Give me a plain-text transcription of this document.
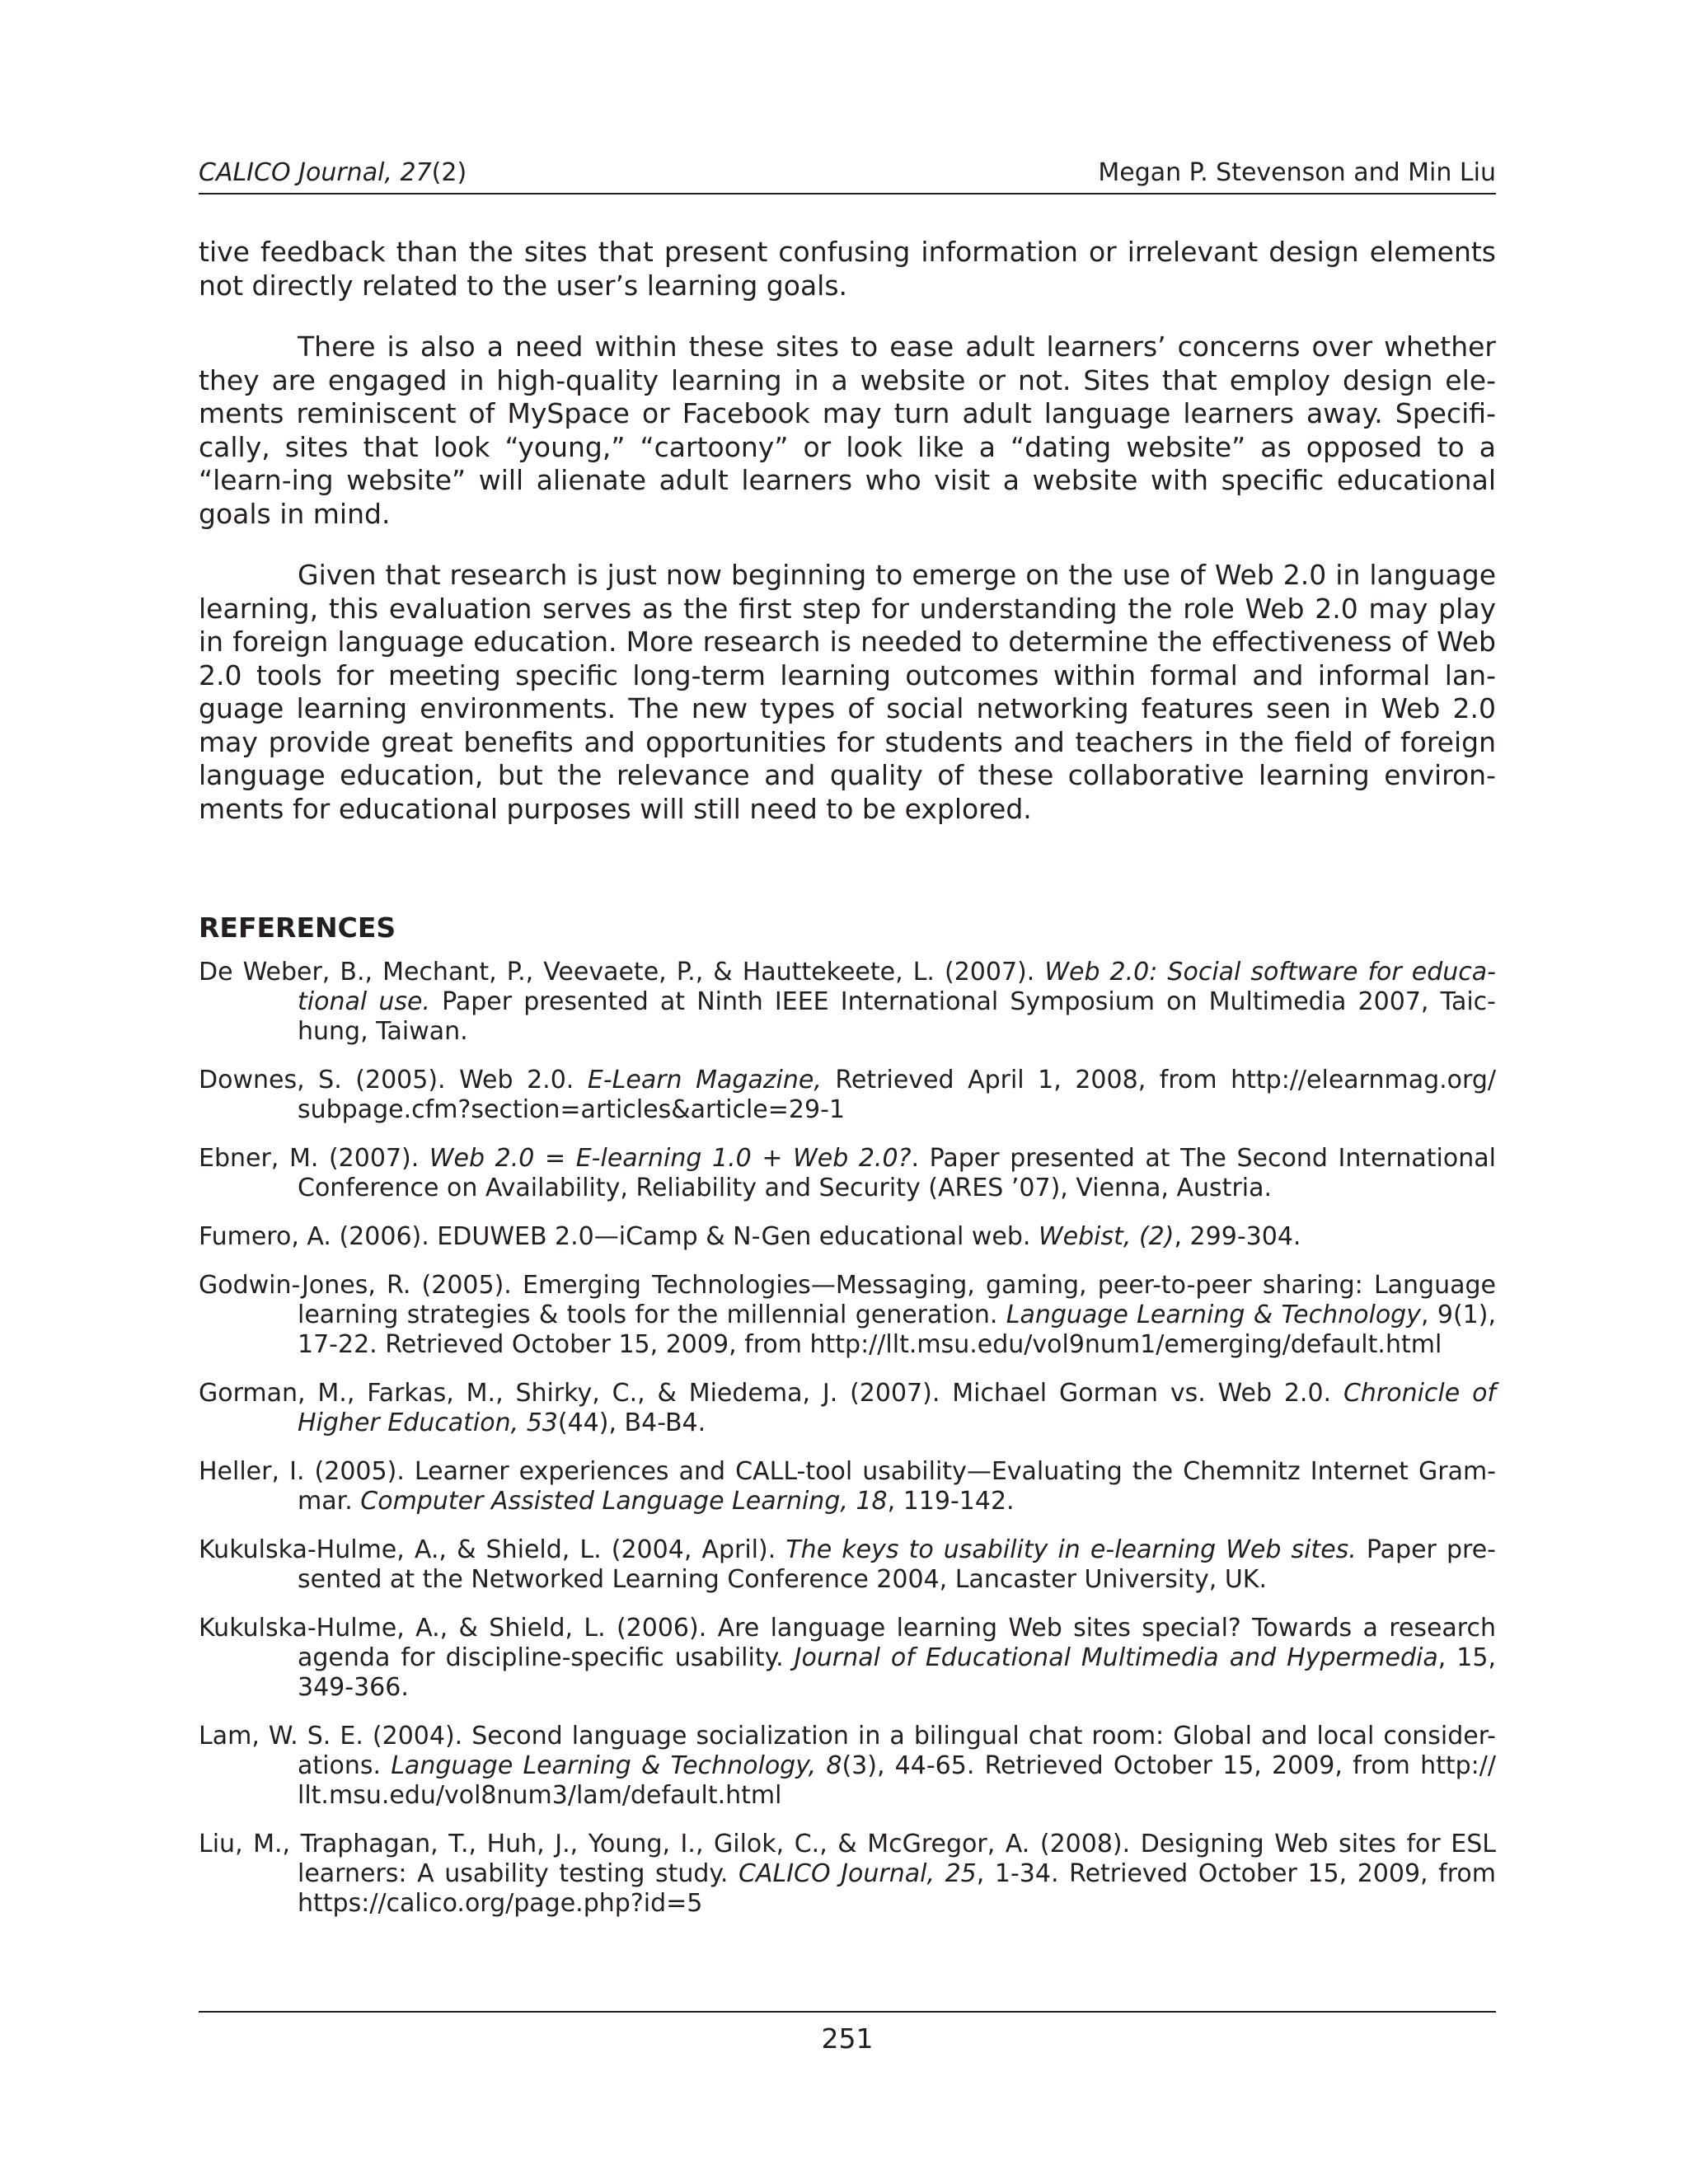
CALICO Journal, 27(2)	Megan P. Stevenson and Min Liu

tive feedback than the sites that present confusing information or irrelevant design elements not directly related to the user’s learning goals.

There is also a need within these sites to ease adult learners’ concerns over whether they are engaged in high-quality learning in a website or not. Sites that employ design ele-ments reminiscent of MySpace or Facebook may turn adult language learners away. Specifi-cally, sites that look “young,” “cartoony” or look like a “dating website” as opposed to a “learn-ing website” will alienate adult learners who visit a website with specific educational goals in mind.

Given that research is just now beginning to emerge on the use of Web 2.0 in language learning, this evaluation serves as the first step for understanding the role Web 2.0 may play in foreign language education. More research is needed to determine the effectiveness of Web 2.0 tools for meeting specific long-term learning outcomes within formal and informal lan-guage learning environments. The new types of social networking features seen in Web 2.0 may provide great benefits and opportunities for students and teachers in the field of foreign language education, but the relevance and quality of these collaborative learning environ-ments for educational purposes will still need to be explored.

REFERENCES

De Weber, B., Mechant, P., Veevaete, P., & Hauttekeete, L. (2007). Web 2.0: Social software for educa-tional use. Paper presented at Ninth IEEE International Symposium on Multimedia 2007, Taic-hung, Taiwan.

Downes, S. (2005). Web 2.0. E-Learn Magazine, Retrieved April 1, 2008, from http://elearnmag.org/ subpage.cfm?section=articles&article=29-1

Ebner, M. (2007). Web 2.0 = E-learning 1.0 + Web 2.0?. Paper presented at The Second International Conference on Availability, Reliability and Security (ARES ’07), Vienna, Austria.

Fumero, A. (2006). EDUWEB 2.0—iCamp & N-Gen educational web. Webist, (2), 299-304.

Godwin-Jones, R. (2005). Emerging Technologies—Messaging, gaming, peer-to-peer sharing: Language learning strategies & tools for the millennial generation. Language Learning & Technology, 9(1), 17-22. Retrieved October 15, 2009, from http://llt.msu.edu/vol9num1/emerging/default.html

Gorman, M., Farkas, M., Shirky, C., & Miedema, J. (2007). Michael Gorman vs. Web 2.0. Chronicle of Higher Education, 53(44), B4-B4.

Heller, I. (2005). Learner experiences and CALL-tool usability—Evaluating the Chemnitz Internet Gram-mar. Computer Assisted Language Learning, 18, 119-142.

Kukulska-Hulme, A., & Shield, L. (2004, April). The keys to usability in e-learning Web sites. Paper pre-sented at the Networked Learning Conference 2004, Lancaster University, UK.

Kukulska-Hulme, A., & Shield, L. (2006). Are language learning Web sites special? Towards a research agenda for discipline-specific usability. Journal of Educational Multimedia and Hypermedia, 15, 349-366.

Lam, W. S. E. (2004). Second language socialization in a bilingual chat room: Global and local consider-ations. Language Learning & Technology, 8(3), 44-65. Retrieved October 15, 2009, from http:// llt.msu.edu/vol8num3/lam/default.html

Liu, M., Traphagan, T., Huh, J., Young, I., Gilok, C., & McGregor, A. (2008). Designing Web sites for ESL learners: A usability testing study. CALICO Journal, 25, 1-34. Retrieved October 15, 2009, from https://calico.org/page.php?id=5

251
